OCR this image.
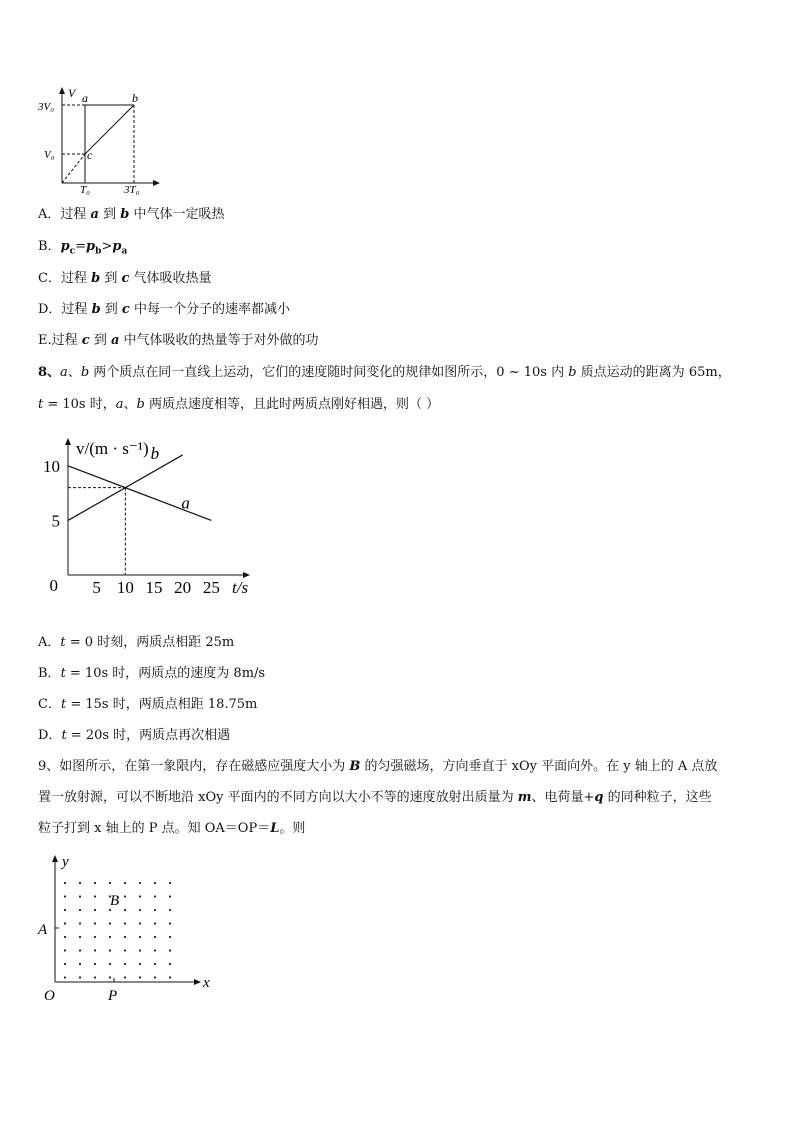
V
3V₀
V₀
T₀	3T₀
a	b
c
A．过程 a 到 b 中气体一定吸热
B．$p_c=p_b>p_a$
C．过程 b 到 c 气体吸收热量
D．过程 b 到 c 中每一个分子的速率都减小
E.过程 c 到 a 中气体吸收的热量等于对外做的功
8、a、b 两个质点在同一直线上运动，它们的速度随时间变化的规律如图所示，0 ~ 10s 内 b 质点运动的距离为 65m，
t = 10s 时，a、b 两质点速度相等，且此时两质点刚好相遇，则（ ）
a
b
5 10 15 20 25
5
10
0
v/(m · s⁻¹)
t/s
A．t = 0 时刻，两质点相距 25m
B．t = 10s 时，两质点的速度为 8m/s
C．t = 15s 时，两质点相距 18.75m
D．t = 20s 时，两质点再次相遇
9、如图所示，在第一象限内，存在磁感应强度大小为 B 的匀强磁场，方向垂直于 xOy 平面向外。在 y 轴上的 A 点放
置一放射源，可以不断地沿 xOy 平面内的不同方向以大小不等的速度放射出质量为 m、电荷量+q 的同种粒子，这些
粒子打到 x 轴上的 P 点。知 OA＝OP＝L。则
y
x
O
A
P
B
